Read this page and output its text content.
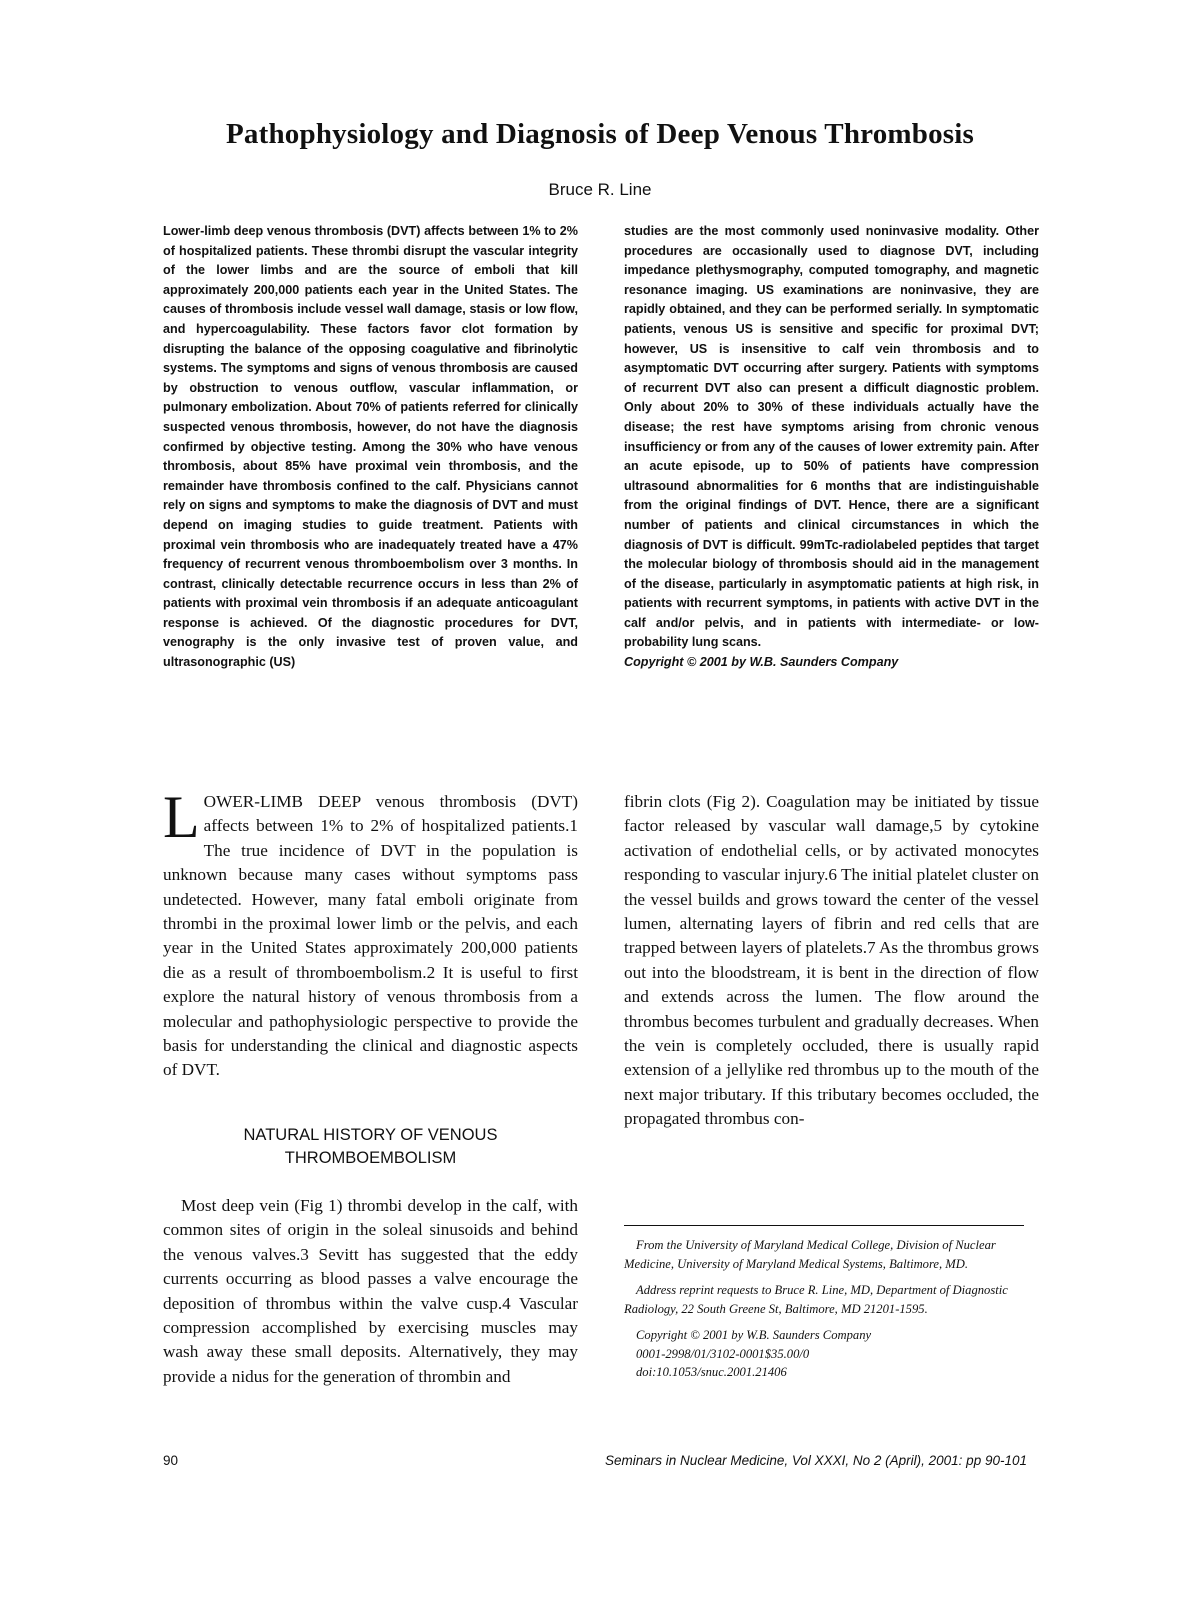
Pathophysiology and Diagnosis of Deep Venous Thrombosis
Bruce R. Line

Lower-limb deep venous thrombosis (DVT) affects between 1% to 2% of hospitalized patients. These thrombi disrupt the vascular integrity of the lower limbs and are the source of emboli that kill approximately 200,000 patients each year in the United States. The causes of thrombosis include vessel wall damage, stasis or low flow, and hypercoagulability. These factors favor clot formation by disrupting the balance of the opposing coagulative and fibrinolytic systems. The symptoms and signs of venous thrombosis are caused by obstruction to venous outflow, vascular inflammation, or pulmonary embolization. About 70% of patients referred for clinically suspected venous thrombosis, however, do not have the diagnosis confirmed by objective testing. Among the 30% who have venous thrombosis, about 85% have proximal vein thrombosis, and the remainder have thrombosis confined to the calf. Physicians cannot rely on signs and symptoms to make the diagnosis of DVT and must depend on imaging studies to guide treatment. Patients with proximal vein thrombosis who are inadequately treated have a 47% frequency of recurrent venous thromboembolism over 3 months. In contrast, clinically detectable recurrence occurs in less than 2% of patients with proximal vein thrombosis if an adequate anticoagulant response is achieved. Of the diagnostic procedures for DVT, venography is the only invasive test of proven value, and ultrasonographic (US)

studies are the most commonly used noninvasive modality. Other procedures are occasionally used to diagnose DVT, including impedance plethysmography, computed tomography, and magnetic resonance imaging. US examinations are noninvasive, they are rapidly obtained, and they can be performed serially. In symptomatic patients, venous US is sensitive and specific for proximal DVT; however, US is insensitive to calf vein thrombosis and to asymptomatic DVT occurring after surgery. Patients with symptoms of recurrent DVT also can present a difficult diagnostic problem. Only about 20% to 30% of these individuals actually have the disease; the rest have symptoms arising from chronic venous insufficiency or from any of the causes of lower extremity pain. After an acute episode, up to 50% of patients have compression ultrasound abnormalities for 6 months that are indistinguishable from the original findings of DVT. Hence, there are a significant number of patients and clinical circumstances in which the diagnosis of DVT is difficult. 99mTc-radiolabeled peptides that target the molecular biology of thrombosis should aid in the management of the disease, particularly in asymptomatic patients at high risk, in patients with recurrent symptoms, in patients with active DVT in the calf and/or pelvis, and in patients with intermediate- or low-probability lung scans.

Copyright © 2001 by W.B. Saunders Company
LOWER-LIMB DEEP venous thrombosis (DVT) affects between 1% to 2% of hospitalized patients.1 The true incidence of DVT in the population is unknown because many cases without symptoms pass undetected. However, many fatal emboli originate from thrombi in the proximal lower limb or the pelvis, and each year in the United States approximately 200,000 patients die as a result of thromboembolism.2 It is useful to first explore the natural history of venous thrombosis from a molecular and pathophysiologic perspective to provide the basis for understanding the clinical and diagnostic aspects of DVT.
NATURAL HISTORY OF VENOUS
THROMBOEMBOLISM

Most deep vein (Fig 1) thrombi develop in the calf, with common sites of origin in the soleal sinusoids and behind the venous valves.3 Sevitt has suggested that the eddy currents occurring as blood passes a valve encourage the deposition of thrombus within the valve cusp.4 Vascular compression accomplished by exercising muscles may wash away these small deposits. Alternatively, they may provide a nidus for the generation of thrombin and

fibrin clots (Fig 2). Coagulation may be initiated by tissue factor released by vascular wall damage,5 by cytokine activation of endothelial cells, or by activated monocytes responding to vascular injury.6 The initial platelet cluster on the vessel builds and grows toward the center of the vessel lumen, alternating layers of fibrin and red cells that are trapped between layers of platelets.7 As the thrombus grows out into the bloodstream, it is bent in the direction of flow and extends across the lumen. The flow around the thrombus becomes turbulent and gradually decreases. When the vein is completely occluded, there is usually rapid extension of a jellylike red thrombus up to the mouth of the next major tributary. If this tributary becomes occluded, the propagated thrombus con-

From the University of Maryland Medical College, Division of Nuclear Medicine, University of Maryland Medical Systems, Baltimore, MD.

Address reprint requests to Bruce R. Line, MD, Department of Diagnostic Radiology, 22 South Greene St, Baltimore, MD 21201-1595.

Copyright © 2001 by W.B. Saunders Company

0001-2998/01/3102-0001$35.00/0

doi:10.1053/snuc.2001.21406

90	Seminars in Nuclear Medicine, Vol XXXI, No 2 (April), 2001: pp 90-101
